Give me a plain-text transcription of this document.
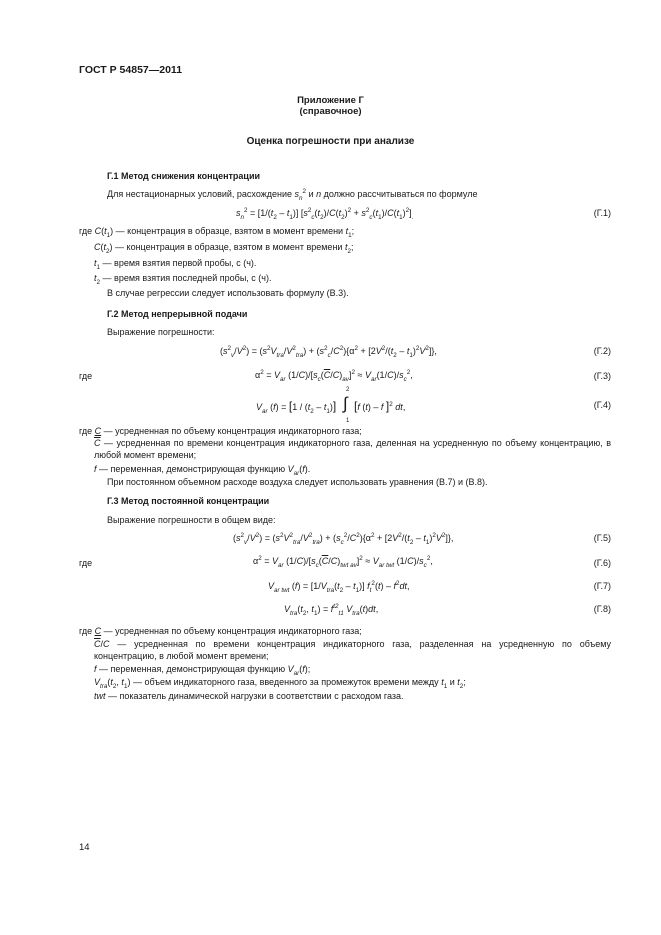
ГОСТ Р 54857—2011
Приложение Г
(справочное)
Оценка погрешности при анализе
Г.1 Метод снижения концентрации
Для нестационарных условий, расхождение $s_n^2$ и n должно рассчитываться по формуле
$s_n^2 = [1/(t_2 - t_1)] [s^2_c(t_2)/C(t_2)^2 + s^2_c(t_1)/C(t_1)^2]_.$	(Г.1)
где $C(t_1)$ — концентрация в образце, взятом в момент времени $t_1$;
$C(t_2)$ — концентрация в образце, взятом в момент времени $t_2$;
$t_1$ — время взятия первой пробы, с (ч).
$t_2$ — время взятия последней пробы, с (ч).
В случае регрессии следует использовать формулу (В.3).
Г.2 Метод непрерывной подачи
Выражение погрешности:
$(s^2_v/V^2) = (s^2V_{tra}/V^2_{tra}) + (s^2_c/C^2)\{\alpha^2 + [2V^2/(t_2 - t_1)^2V^2]\}$,	(Г.2)
где	$\alpha^2 = V_{ar}$ $(1/C)/[s_c(\overline{C}/C)_{av}]^2 \approx V_{ar}(1/C)/s_c^2$,	(Г.3)
$V_{ar}$ $(f) = [1 / (t_2 - t_1)]$
2
∫
1
[f (t) – f ]$^2$ dt,	(Г.4)
где C — усредненная по объему концентрация индикаторного газа;
$\overline{C}$ — усредненная по времени концентрация индикаторного газа, деленная на усредненную по объему концентрацию, в любой момент времени;
f — переменная, демонстрирующая функцию $V_{ar}(f)$.
При постоянном объемном расходе воздуха следует использовать уравнения (В.7) и (В.8).
Г.3 Метод постоянной концентрации
Выражение погрешности в общем виде:
$(s^2_v/V^2) = (s^2V^2_{tra}/V^2_{tra}) + (s_c^2/C^2)\{\alpha^2 + [2V^2/(t_2 - t_1)^2V^2]\}$,	(Г.5)
где	$\alpha^2 = V_{ar}$ $(1/C)/[s_c(\overline{C}/C)_{twt av}]^2 \approx V_{ar twt}$ $(1/C)/s_c^2$,	(Г.6)
$V_{ar twt}$ $(f) = [1/V_{tra}(t_2 - t_1)]$ $f_t^2(t) - f^2dt$,	(Г.7)
$V_{tra}(t_2$, $t_1) = f^{t2}_{t1}$ $V_{tra}(t)dt$,	(Г.8)
где C — усредненная по объему концентрация индикаторного газа;
$\overline{C}/C$ — усредненная по времени концентрация индикаторного газа, разделенная на усредненную по объему концентрацию, в любой момент времени;
f — переменная, демонстрирующая функцию $V_{ar}(f)$;
$V_{tra}(t_2$, $t_1$) — объем индикаторного газа, введенного за промежуток времени между $t_1$ и $t_2$;
twt — показатель динамической нагрузки в соответствии с расходом газа.
14
